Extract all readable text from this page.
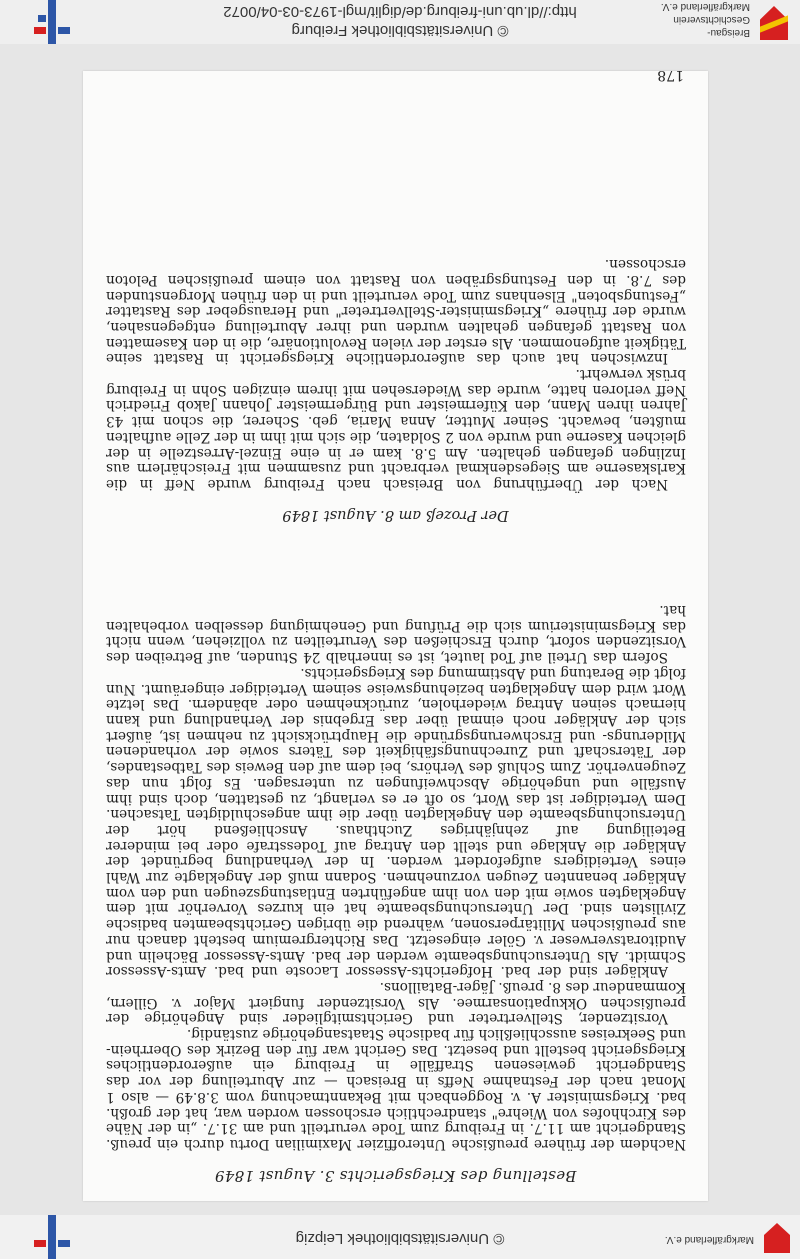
Markgräflerland e.V.
© Universitätsbibliothek Leipzig
Bestellung des Kriegsgerichts 3. August 1849

Nachdem der frühere preußische Unteroffizier Maximilian Dortu durch ein preuß. Standgericht am 11.7. in Freiburg zum Tode verurteilt und am 31.7. „in der Nähe des Kirchhofes von Wiehre" standrechtlich erschossen worden war, hat der großh. bad. Kriegsminister A. v. Roggenbach mit Bekanntmachung vom 3.8.49 — also 1 Monat nach der Festnahme Neffs in Breisach — zur Aburteilung der vor das Standgericht gewiesenen Straffälle in Freiburg ein außerordentliches Kriegsgericht bestellt und besetzt. Das Gericht war für den Bezirk des Oberrhein- und Seekreises ausschließlich für badische Staatsangehörige zuständig.

Vorsitzender, Stellvertreter und Gerichtsmitglieder sind Angehörige der preußischen Okkupationsarmee. Als Vorsitzender fungiert Major v. Gillern, Kommandeur des 8. preuß. Jäger-Bataillons.

Ankläger sind der bad. Hofgerichts-Assessor Lacoste und bad. Amts-Assessor Schmidt. Als Untersuchungsbeamte werden der bad. Amts-Assessor Bächelin und Auditoratsverweser v. Göler eingesetzt. Das Richtergremium besteht danach nur aus preußischen Militärpersonen, während die übrigen Gerichtsbeamten badische Zivilisten sind. Der Untersuchungsbeamte hat ein kurzes Vorverhör mit dem Angeklagten sowie mit den von ihm angeführten Entlastungszeugen und den vom Ankläger benannten Zeugen vorzunehmen. Sodann muß der Angeklagte zur Wahl eines Verteidigers aufgefordert werden. In der Verhandlung begründet der Ankläger die Anklage und stellt den Antrag auf Todesstrafe oder bei minderer Beteiligung auf zehnjähriges Zuchthaus. Anschließend hört der Untersuchungsbeamte den Angeklagten über die ihm angeschuldigten Tatsachen. Dem Verteidiger ist das Wort, so oft er es verlangt, zu gestatten, doch sind ihm Ausfälle und ungehörige Abschweifungen zu untersagen. Es folgt nun das Zeugenverhör. Zum Schluß des Verhörs, bei dem auf den Beweis des Tatbestandes, der Täterschaft und Zurechnungsfähigkeit des Täters sowie der vorhandenen Milderungs- und Erschwerungsgründe die Hauptrücksicht zu nehmen ist, äußert sich der Ankläger noch einmal über das Ergebnis der Verhandlung und kann hiernach seinen Antrag wiederholen, zurücknehmen oder abändern. Das letzte Wort wird dem Angeklagten beziehungsweise seinem Verteidiger eingeräumt. Nun folgt die Beratung und Abstimmung des Kriegsgerichts.

Sofern das Urteil auf Tod lautet, ist es innerhalb 24 Stunden, auf Betreiben des Vorsitzenden sofort, durch Erschießen des Verurteilten zu vollziehen, wenn nicht das Kriegsministerium sich die Prüfung und Genehmigung desselben vorbehalten hat.

Der Prozeß am 8. August 1849

Nach der Überführung von Breisach nach Freiburg wurde Neff in die Karlskaserne am Siegesdenkmal verbracht und zusammen mit Freischärlern aus Inzlingen gefangen gehalten. Am 5.8. kam er in eine Einzel-Arrestzelle in der gleichen Kaserne und wurde von 2 Soldaten, die sich mit ihm in der Zelle aufhalten mußten, bewacht. Seiner Mutter, Anna Maria, geb. Scherer, die schon mit 43 Jahren ihren Mann, den Küfermeister und Bürgermeister Johann Jakob Friedrich Neff verloren hatte, wurde das Wiedersehen mit ihrem einzigen Sohn in Freiburg brüsk verwehrt.

Inzwischen hat auch das außerordentliche Kriegsgericht in Rastatt seine Tätigkeit aufgenommen. Als erster der vielen Revolutionäre, die in den Kasematten von Rastatt gefangen gehalten wurden und ihrer Aburteilung entgegensahen, wurde der frühere „Kriegsminister-Stellvertreter" und Herausgeber des Rastatter „Festungsboten" Elsenhans zum Tode verurteilt und in den frühen Morgenstunden des 7.8. in den Festungsgräben von Rastatt von einem preußischen Peloton erschossen.

178
Breisgau-
Geschichtsverein
Markgräflerland e.V.
© Universitätsbibliothek Freiburg
http://dl.ub.uni-freiburg.de/diglit/mgl-1973-03-04/0072
